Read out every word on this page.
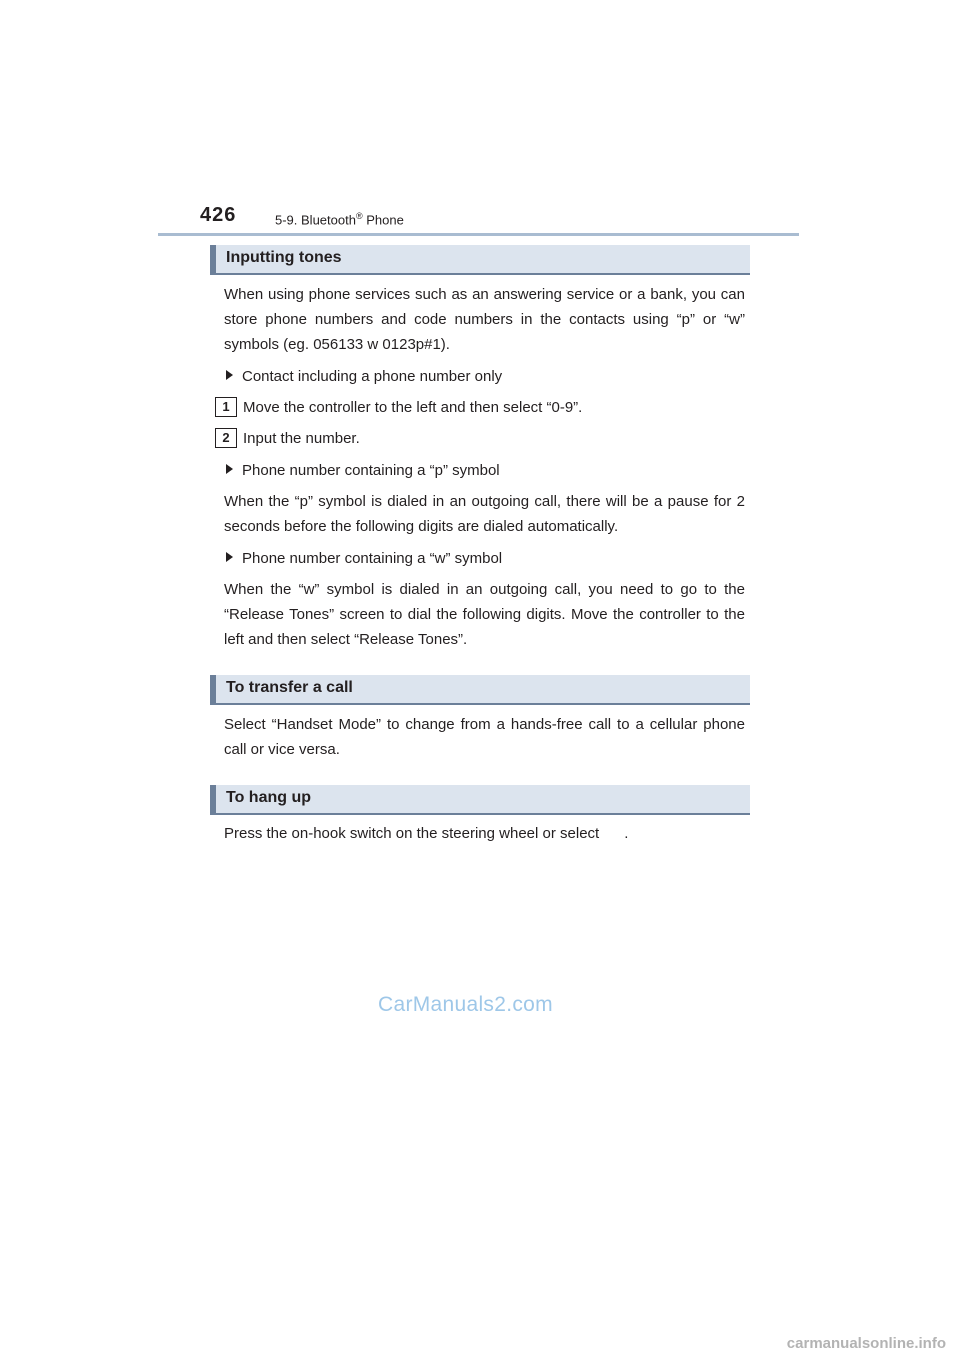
426	5-9. Bluetooth® Phone
Inputting tones
When using phone services such as an answering service or a bank, you can store phone numbers and code numbers in the contacts using “p” or “w” symbols (eg. 056133 w 0123p#1).
Contact including a phone number only
1 Move the controller to the left and then select “0-9”.
2 Input the number.
Phone number containing a “p” symbol
When the “p” symbol is dialed in an outgoing call, there will be a pause for 2 seconds before the following digits are dialed automatically.
Phone number containing a “w” symbol
When the “w” symbol is dialed in an outgoing call, you need to go to the “Release Tones” screen to dial the following digits. Move the controller to the left and then select “Release Tones”.
To transfer a call
Select “Handset Mode” to change from a hands-free call to a cellular phone call or vice versa.
To hang up
Press the on-hook switch on the steering wheel or select      .
CarManuals2.com
carmanualsonline.info
